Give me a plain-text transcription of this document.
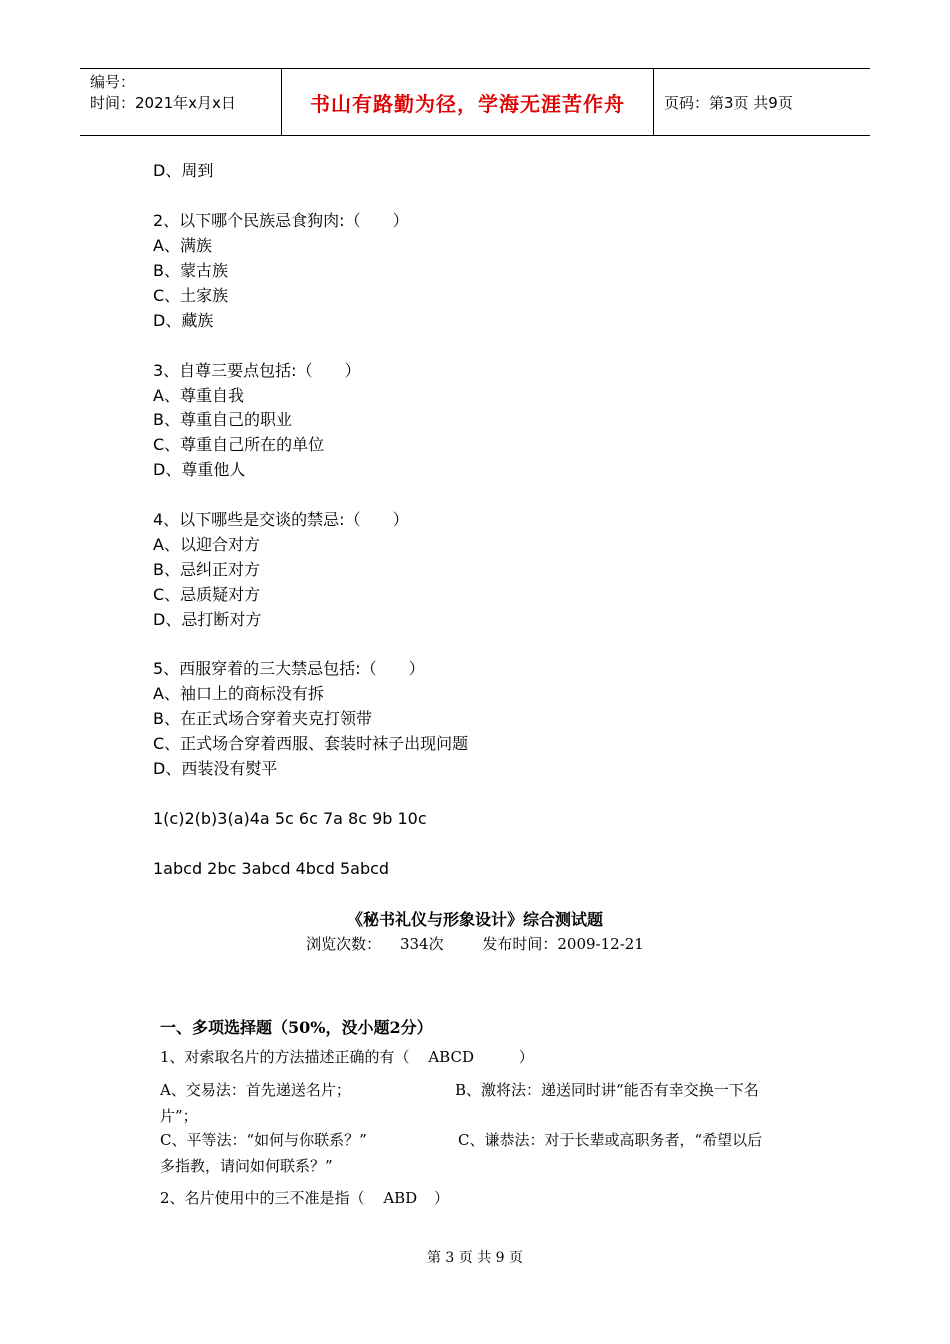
编号：
时间：2021年x月x日	书山有路勤为径，学海无涯苦作舟	页码：第3页 共9页
D、周到
2、以下哪个民族忌食狗肉:（　　）
A、满族
B、蒙古族
C、土家族
D、藏族
3、自尊三要点包括:（　　）
A、尊重自我
B、尊重自己的职业
C、尊重自己所在的单位
D、尊重他人
4、以下哪些是交谈的禁忌:（　　）
A、以迎合对方
B、忌纠正对方
C、忌质疑对方
D、忌打断对方
5、西服穿着的三大禁忌包括:（　　）
A、袖口上的商标没有拆
B、在正式场合穿着夹克打领带
C、正式场合穿着西服、套装时袜子出现问题
D、西装没有熨平
1(c)2(b)3(a)4a 5c 6c 7a 8c 9b 10c
1abcd 2bc 3abcd 4bcd 5abcd
《秘书礼仪与形象设计》综合测试题
浏览次数： 334次	发布时间：2009-12-21
一、多项选择题（50%，没小题2分）
1、对索取名片的方法描述正确的有（ ABCD	）
A、交易法：首先递送名片；	B、激将法：递送同时讲“能否有幸交换一下名
片”；
C、平等法：“如何与你联系？”	C、谦恭法：对于长辈或高职务者，“希望以后
多指教，请问如何联系？”
2、名片使用中的三不准是指（ ABD ）
第 3 页 共 9 页
